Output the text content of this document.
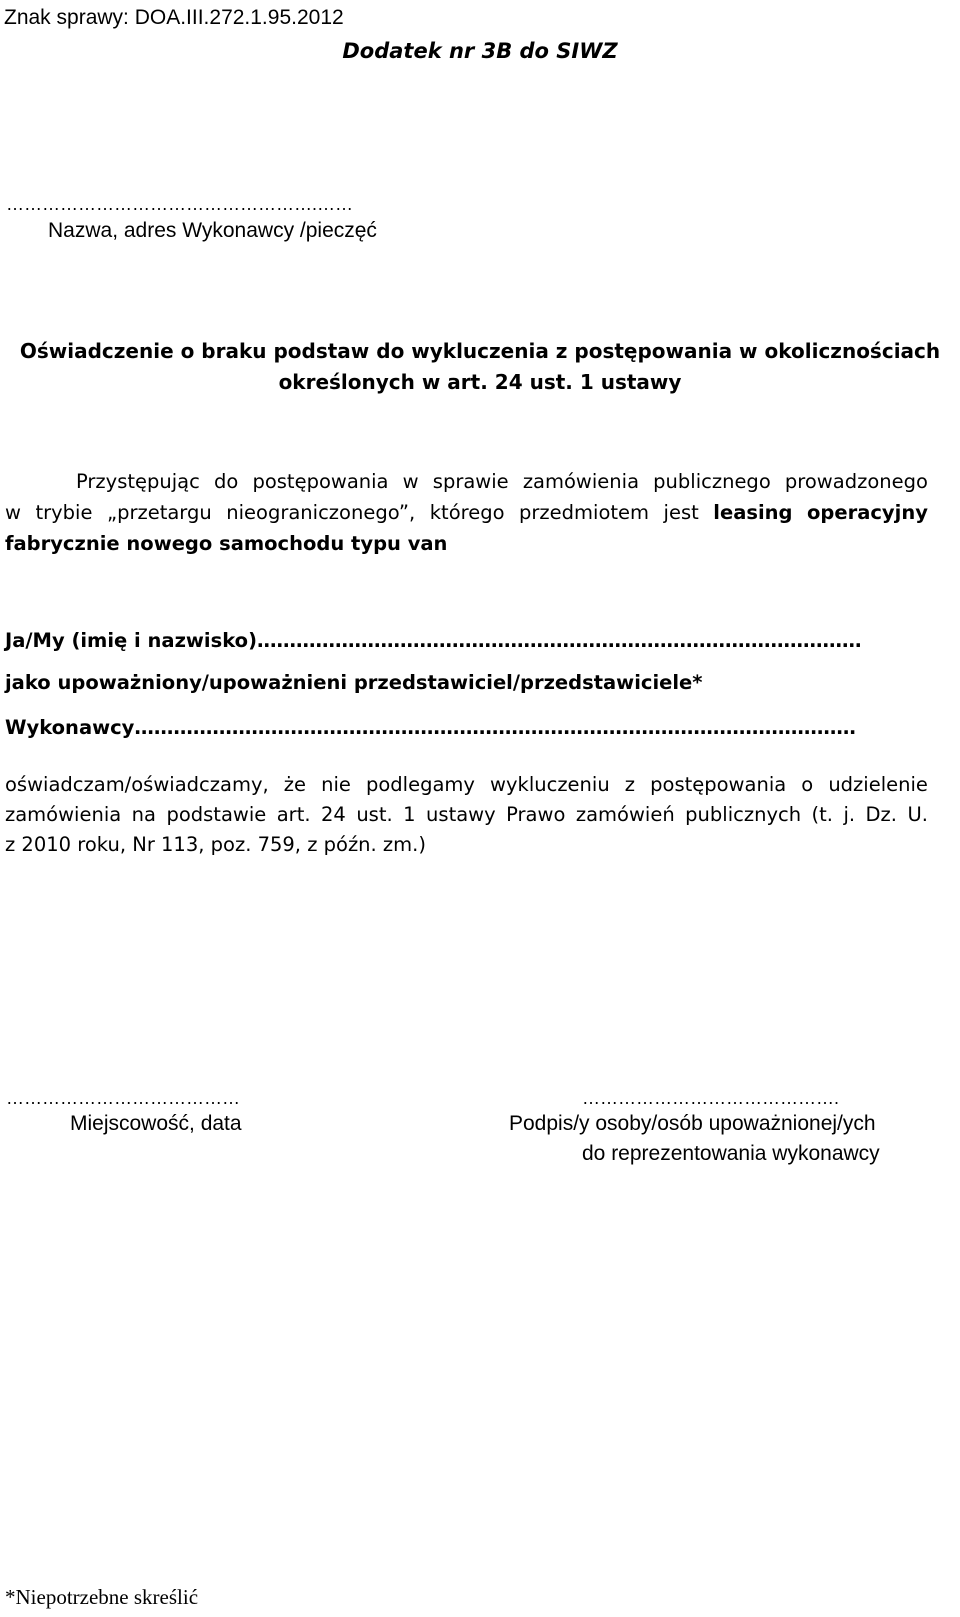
Znak sprawy: DOA.III.272.1.95.2012
Dodatek nr 3B do SIWZ
…………………………………………….……
Nazwa, adres Wykonawcy /pieczęć
Oświadczenie o braku podstaw do wykluczenia z postępowania w okolicznościach
określonych w art. 24 ust. 1 ustawy
Przystępując do postępowania w sprawie zamówienia publicznego prowadzonego
w trybie „przetargu nieograniczonego”, którego przedmiotem jest leasing operacyjny
fabrycznie nowego samochodu typu van
Ja/My (imię i nazwisko)…………………………………………………………………………………
jako upoważniony/upoważnieni przedstawiciel/przedstawiciele*
Wykonawcy…………………………………………………………………………………………………
oświadczam/oświadczamy, że nie podlegamy wykluczeniu z postępowania o udzielenie
zamówienia na podstawie art. 24 ust. 1 ustawy Prawo zamówień publicznych (t. j. Dz. U.
z 2010 roku, Nr 113, poz. 759, z późn. zm.)
…………………………………
Miejscowość, data
…………………………………….
Podpis/y osoby/osób upoważnionej/ych
do reprezentowania wykonawcy
*Niepotrzebne skreślić
